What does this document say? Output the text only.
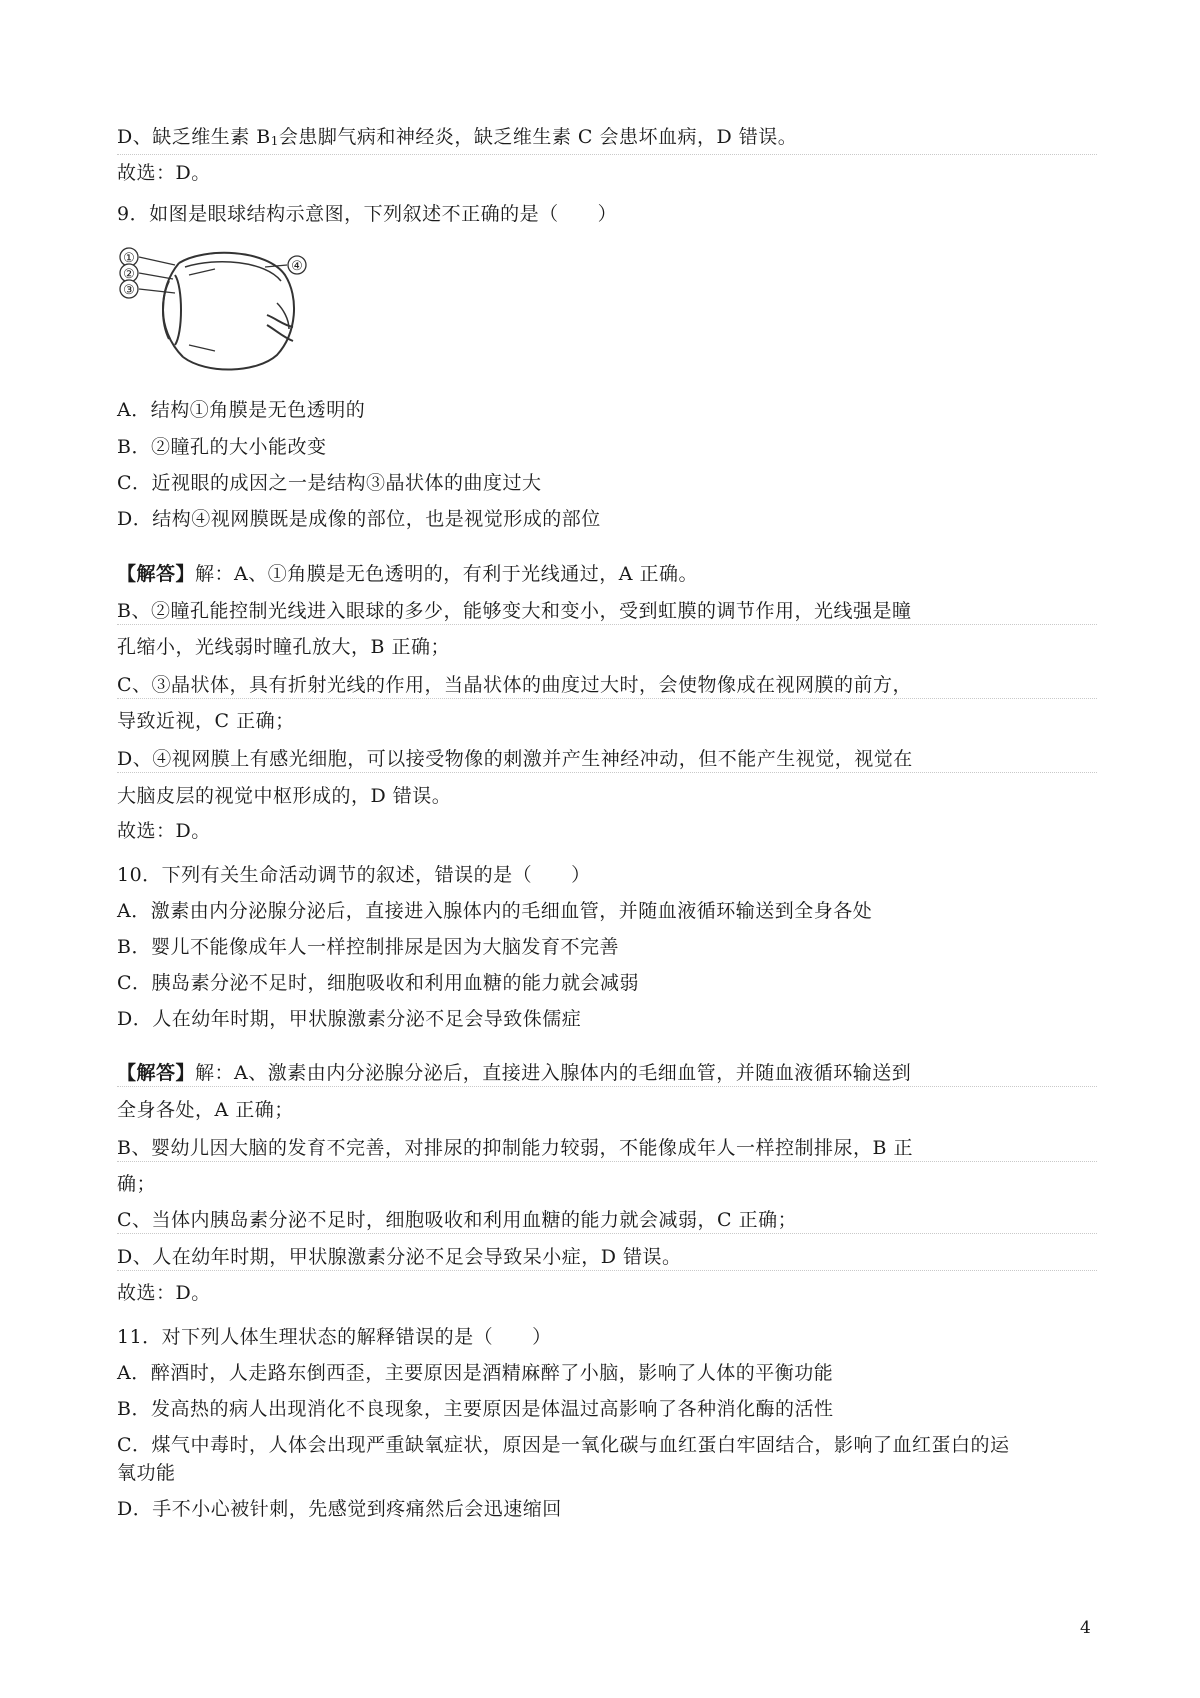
D、缺乏维生素 B1会患脚气病和神经炎，缺乏维生素 C 会患坏血病，D 错误。
故选：D。
9．如图是眼球结构示意图，下列叙述不正确的是（　　）
①
②
③
④
A．结构①角膜是无色透明的
B．②瞳孔的大小能改变
C．近视眼的成因之一是结构③晶状体的曲度过大
D．结构④视网膜既是成像的部位，也是视觉形成的部位
【解答】解：A、①角膜是无色透明的，有利于光线通过，A 正确。
B、②瞳孔能控制光线进入眼球的多少，能够变大和变小，受到虹膜的调节作用，光线强是瞳
孔缩小，光线弱时瞳孔放大，B 正确；
C、③晶状体，具有折射光线的作用，当晶状体的曲度过大时，会使物像成在视网膜的前方，
导致近视，C 正确；
D、④视网膜上有感光细胞，可以接受物像的刺激并产生神经冲动，但不能产生视觉，视觉在
大脑皮层的视觉中枢形成的，D 错误。
故选：D。
10．下列有关生命活动调节的叙述，错误的是（　　）
A．激素由内分泌腺分泌后，直接进入腺体内的毛细血管，并随血液循环输送到全身各处
B．婴儿不能像成年人一样控制排尿是因为大脑发育不完善
C．胰岛素分泌不足时，细胞吸收和利用血糖的能力就会减弱
D．人在幼年时期，甲状腺激素分泌不足会导致侏儒症
【解答】解：A、激素由内分泌腺分泌后，直接进入腺体内的毛细血管，并随血液循环输送到
全身各处，A 正确；
B、婴幼儿因大脑的发育不完善，对排尿的抑制能力较弱，不能像成年人一样控制排尿，B 正
确；
C、当体内胰岛素分泌不足时，细胞吸收和利用血糖的能力就会减弱，C 正确；
D、人在幼年时期，甲状腺激素分泌不足会导致呆小症，D 错误。
故选：D。
11．对下列人体生理状态的解释错误的是（　　）
A．醉酒时，人走路东倒西歪，主要原因是酒精麻醉了小脑，影响了人体的平衡功能
B．发高热的病人出现消化不良现象，主要原因是体温过高影响了各种消化酶的活性
C．煤气中毒时，人体会出现严重缺氧症状，原因是一氧化碳与血红蛋白牢固结合，影响了血红蛋白的运
氧功能
D．手不小心被针刺，先感觉到疼痛然后会迅速缩回
4
